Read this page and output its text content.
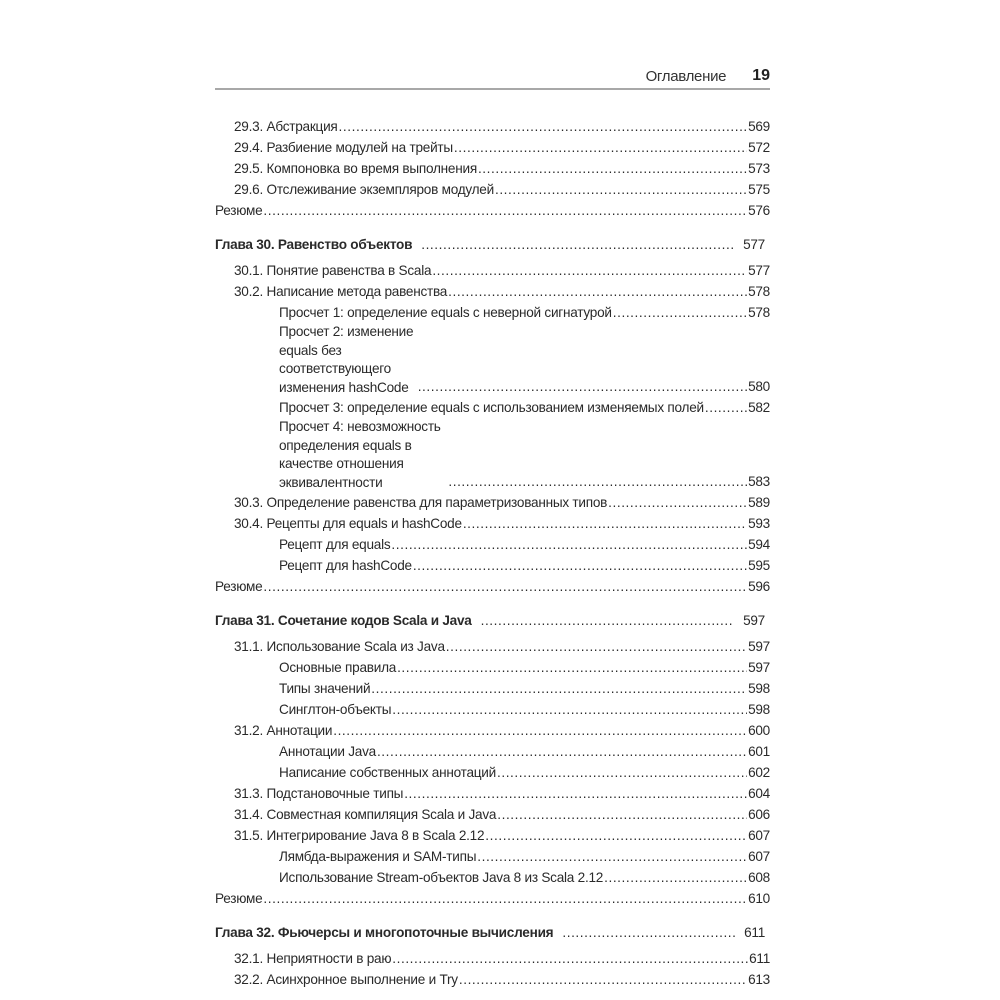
Оглавление 19
29.3. Абстракция . . .	569
29.4. Разбиение модулей на трейты . . .	572
29.5. Компоновка во время выполнения . . .	573
29.6. Отслеживание экземпляров модулей . . .	575
Резюме . . .	576
Глава 30. Равенство объектов . . .	577
30.1. Понятие равенства в Scala . . .	577
30.2. Написание метода равенства . . .	578
Просчет 1: определение equals с неверной сигнатурой . . .	578
Просчет 2: изменение equals без соответствующего
изменения hashCode . . .	580
Просчет 3: определение equals с использованием изменяемых полей . . .	582
Просчет 4: невозможность определения equals в качестве отношения
эквивалентности . . .	583
30.3. Определение равенства для параметризованных типов . . .	589
30.4. Рецепты для equals и hashCode . . .	593
Рецепт для equals . . .	594
Рецепт для hashCode . . .	595
Резюме . . .	596
Глава 31. Сочетание кодов Scala и Java . . .	597
31.1. Использование Scala из Java . . .	597
Основные правила . . .	597
Типы значений . . .	598
Синглтон-объекты . . .	598
31.2. Аннотации . . .	600
Аннотации Java . . .	601
Написание собственных аннотаций . . .	602
31.3. Подстановочные типы . . .	604
31.4. Совместная компиляция Scala и Java . . .	606
31.5. Интегрирование Java 8 в Scala 2.12 . . .	607
Лямбда-выражения и SAM-типы . . .	607
Использование Stream-объектов Java 8 из Scala 2.12 . . .	608
Резюме . . .	610
Глава 32. Фьючерсы и многопоточные вычисления . . .	611
32.1. Неприятности в раю . . .	611
32.2. Асинхронное выполнение и Try . . .	613
